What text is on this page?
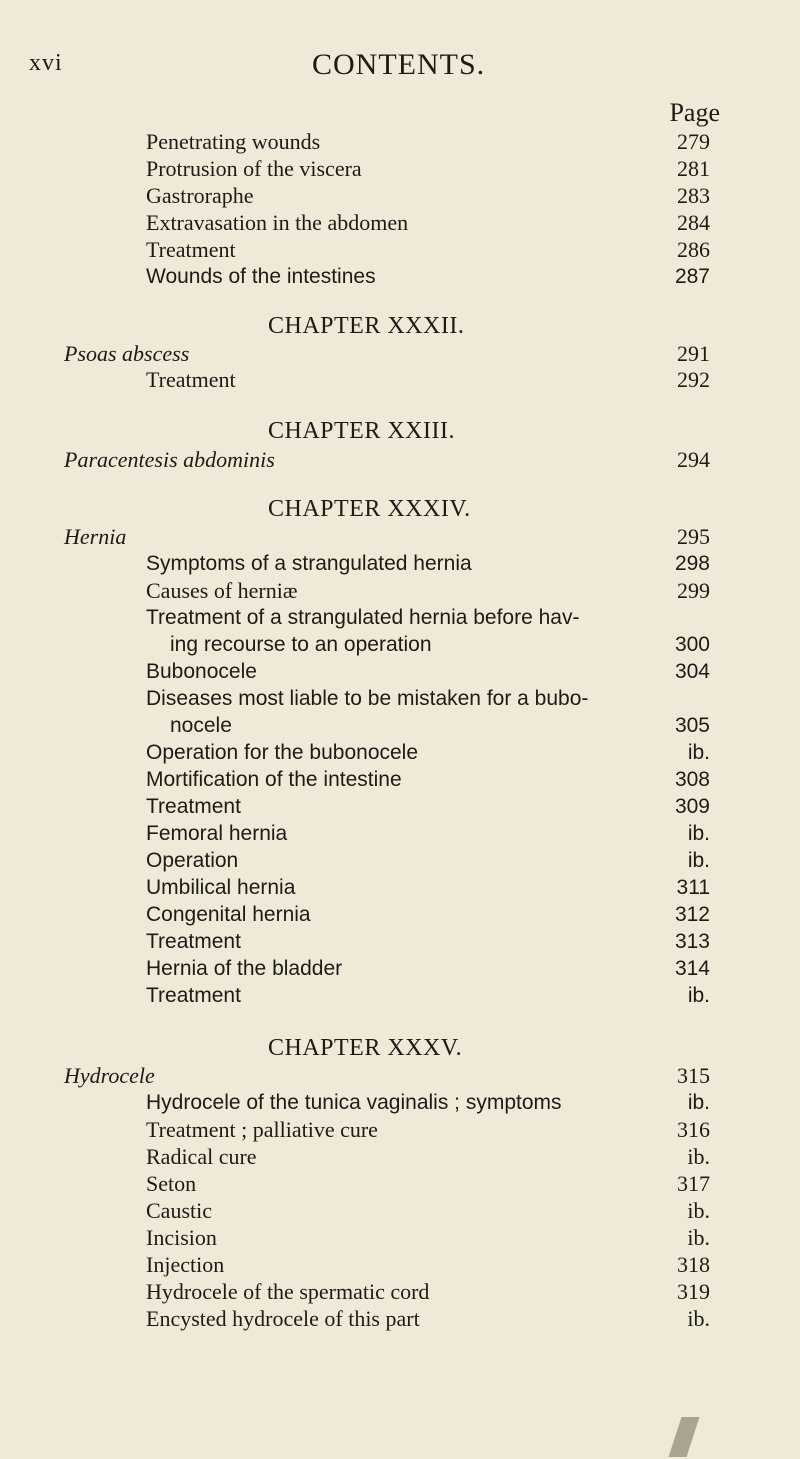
xvi	CONTENTS.
Page
Penetrating wounds	279
Protrusion of the viscera	281
Gastroraphe	283
Extravasation in the abdomen	284
Treatment	286
Wounds of the intestines	287
CHAPTER XXXII.
Psoas abscess	291
Treatment	292
CHAPTER XXIII.
Paracentesis abdominis	294
CHAPTER XXXIV.
Hernia	295
Symptoms of a strangulated hernia	298
Causes of herniæ	299
Treatment of a strangulated hernia before hav-
ing recourse to an operation	300
Bubonocele	304
Diseases most liable to be mistaken for a bubo-
nocele	305
Operation for the bubonocele	ib.
Mortification of the intestine	308
Treatment	309
Femoral hernia	ib.
Operation	ib.
Umbilical hernia	311
Congenital hernia	312
Treatment	313
Hernia of the bladder	314
Treatment	ib.
CHAPTER XXXV.
Hydrocele	315
Hydrocele of the tunica vaginalis ; symptoms	ib.
Treatment ; palliative cure	316
Radical cure	ib.
Seton	317
Caustic	ib.
Incision	ib.
Injection	318
Hydrocele of the spermatic cord	319
Encysted hydrocele of this part	ib.
